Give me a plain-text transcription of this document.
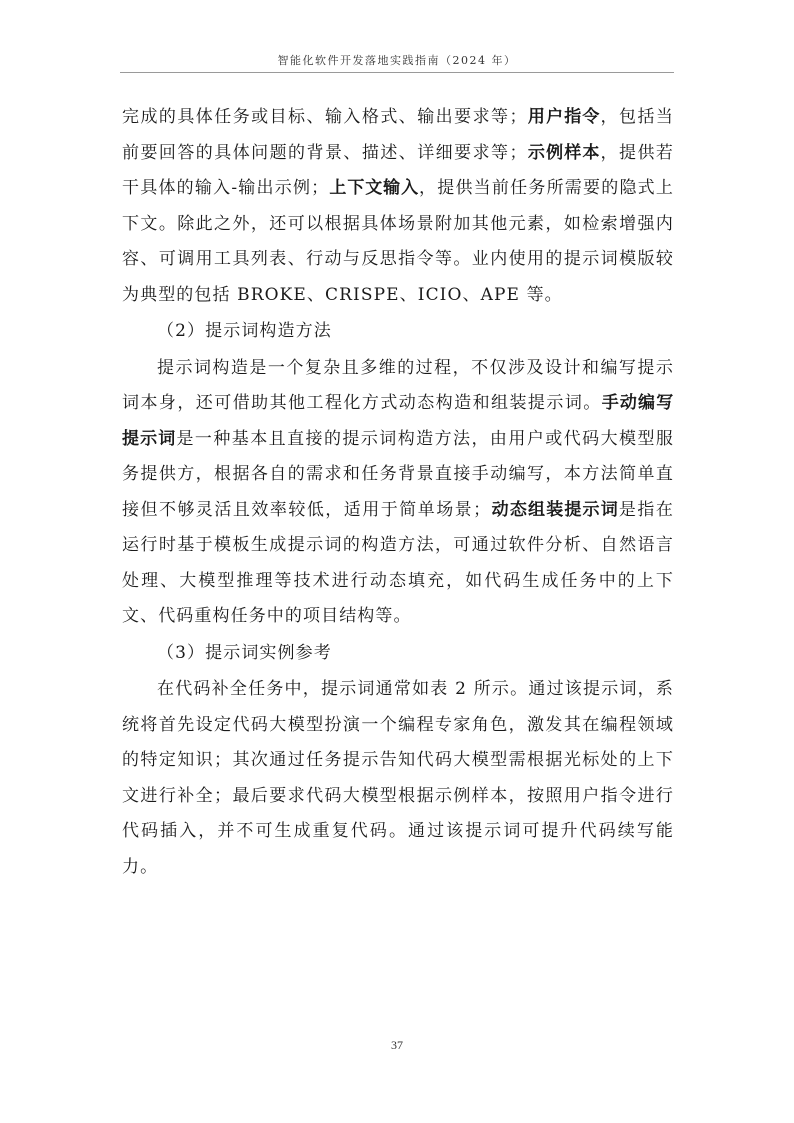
智能化软件开发落地实践指南（2024 年）

完成的具体任务或目标、输入格式、输出要求等；用户指令，包括当前要回答的具体问题的背景、描述、详细要求等；示例样本，提供若干具体的输入-输出示例；上下文输入，提供当前任务所需要的隐式上下文。除此之外，还可以根据具体场景附加其他元素，如检索增强内容、可调用工具列表、行动与反思指令等。业内使用的提示词模版较为典型的包括 BROKE、CRISPE、ICIO、APE 等。

（2）提示词构造方法

提示词构造是一个复杂且多维的过程，不仅涉及设计和编写提示词本身，还可借助其他工程化方式动态构造和组装提示词。手动编写提示词是一种基本且直接的提示词构造方法，由用户或代码大模型服务提供方，根据各自的需求和任务背景直接手动编写，本方法简单直接但不够灵活且效率较低，适用于简单场景；动态组装提示词是指在运行时基于模板生成提示词的构造方法，可通过软件分析、自然语言处理、大模型推理等技术进行动态填充，如代码生成任务中的上下文、代码重构任务中的项目结构等。

（3）提示词实例参考

在代码补全任务中，提示词通常如表 2 所示。通过该提示词，系统将首先设定代码大模型扮演一个编程专家角色，激发其在编程领域的特定知识；其次通过任务提示告知代码大模型需根据光标处的上下文进行补全；最后要求代码大模型根据示例样本，按照用户指令进行代码插入，并不可生成重复代码。通过该提示词可提升代码续写能力。

37
